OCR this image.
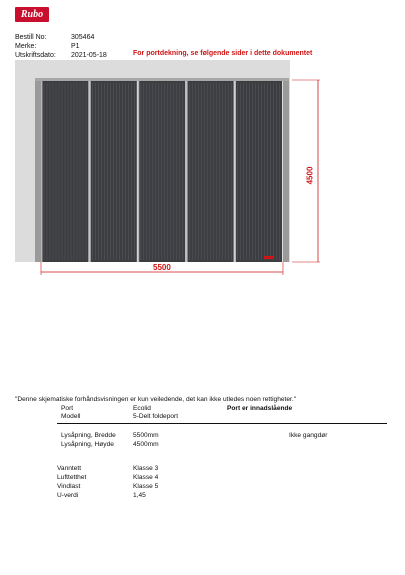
Rubo
Bestill No:	305464
Merke:	P1
Utskriftsdato: 2021-05-18	For portdekning, se følgende sider i dette dokumentet
4500
5500
"Denne skjematiske forhåndsvisningen er kun veiledende, det kan ikke utledes noen rettigheter."
Port	Ecolid	Port er innadslående
Modell	5-Delt foldeport
Lysåpning, Bredde	5500mm	Ikke gangdør
Lysåpning, Høyde	4500mm
Vanntett	Klasse 3
Lufttetthet	Klasse 4
Vindlast	Klasse 5
U-verdi	1,45
